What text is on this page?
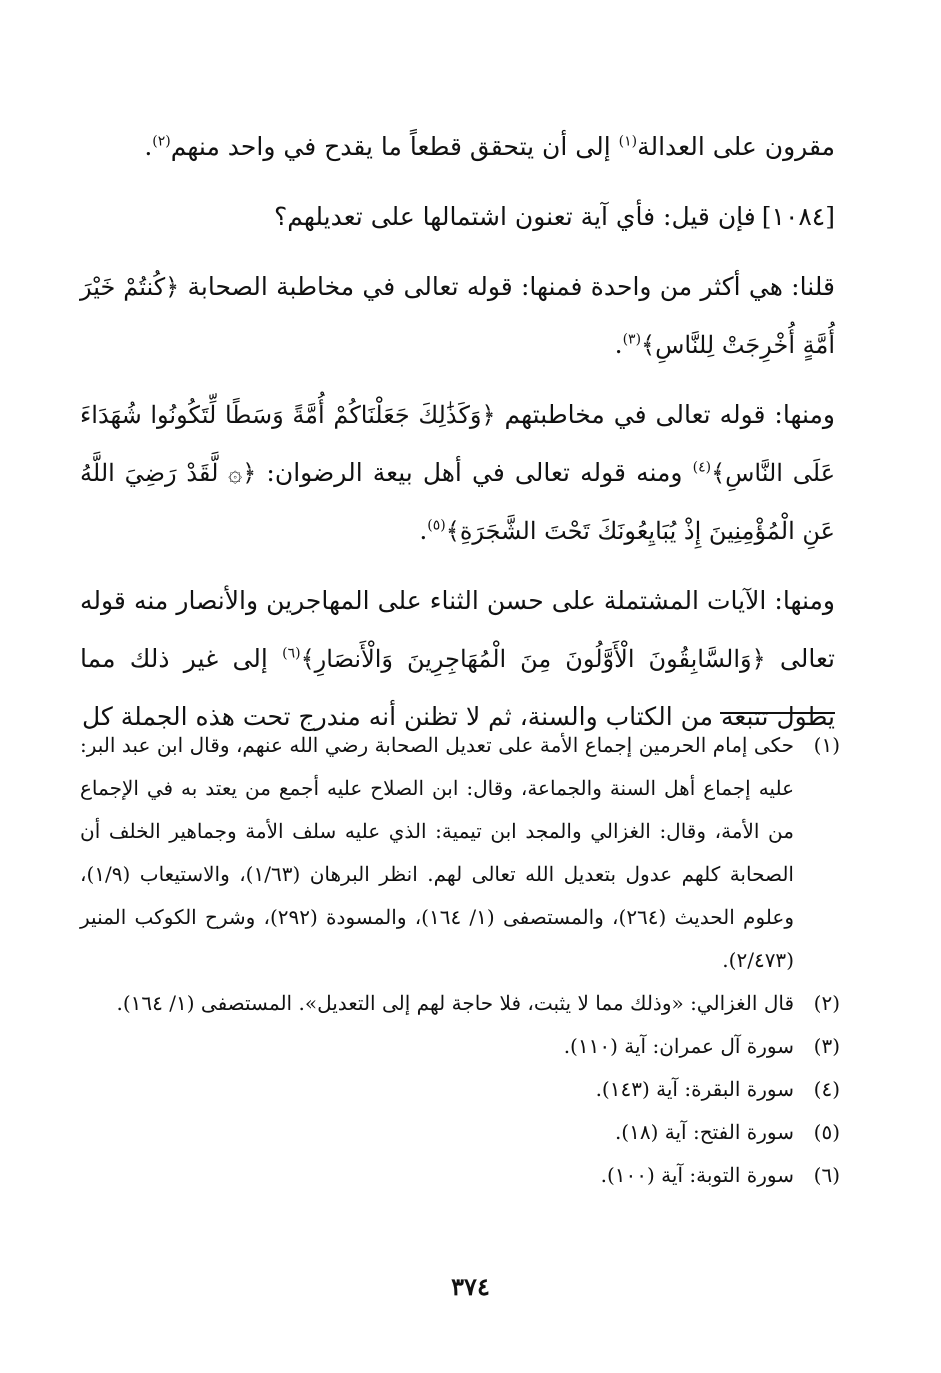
مقرون على العدالة$^{(١)}$ إلى أن يتحقق قطعاً ما يقدح في واحد منهم$^{(٢)}$.

[١٠٨٤]فإن قيل: فأي آية تعنون اشتمالها على تعديلهم؟

قلنا: هي أكثر من واحدة فمنها: قوله تعالى في مخاطبة الصحابة ﴿كُنتُمْ خَيْرَ أُمَّةٍ أُخْرِجَتْ لِلنَّاسِ﴾$^{(٣)}$.

ومنها: قوله تعالى في مخاطبتهم ﴿وَكَذَٰلِكَ جَعَلْنَاكُمْ أُمَّةً وَسَطًا لِّتَكُونُوا شُهَدَاءَ عَلَى النَّاسِ﴾$^{(٤)}$ ومنه قوله تعالى في أهل بيعة الرضوان: ﴿۞ لَّقَدْ رَضِيَ اللَّهُ عَنِ الْمُؤْمِنِينَ إِذْ يُبَايِعُونَكَ تَحْتَ الشَّجَرَةِ﴾$^{(٥)}$.

ومنها: الآيات المشتملة على حسن الثناء على المهاجرين والأنصار منه قوله تعالى ﴿وَالسَّابِقُونَ الْأَوَّلُونَ مِنَ الْمُهَاجِرِينَ وَالْأَنصَارِ﴾$^{(٦)}$ إلى غير ذلك مما يطول تتبعه من الكتاب والسنة، ثم لا تظنن أنه مندرج تحت هذه الجملة كل

(١)
حكى إمام الحرمين إجماع الأمة على تعديل الصحابة رضي الله عنهم، وقال ابن عبد البر: عليه إجماع أهل السنة والجماعة، وقال: ابن الصلاح عليه أجمع من يعتد به في الإجماع من الأمة، وقال: الغزالي والمجد ابن تيمية: الذي عليه سلف الأمة وجماهير الخلف أن الصحابة كلهم عدول بتعديل الله تعالى لهم. انظر البرهان (١/٦٣)، والاستيعاب (١/٩)، وعلوم الحديث (٢٦٤)، والمستصفى (١/ ١٦٤)، والمسودة (٢٩٢)، وشرح الكوكب المنير (٢/٤٧٣).
(٢)
قال الغزالي: «وذلك مما لا يثبت، فلا حاجة لهم إلى التعديل». المستصفى (١/ ١٦٤).
(٣)
سورة آل عمران: آية (١١٠).
(٤)
سورة البقرة: آية (١٤٣).
(٥)
سورة الفتح: آية (١٨).
(٦)
سورة التوبة: آية (١٠٠).
٣٧٤
